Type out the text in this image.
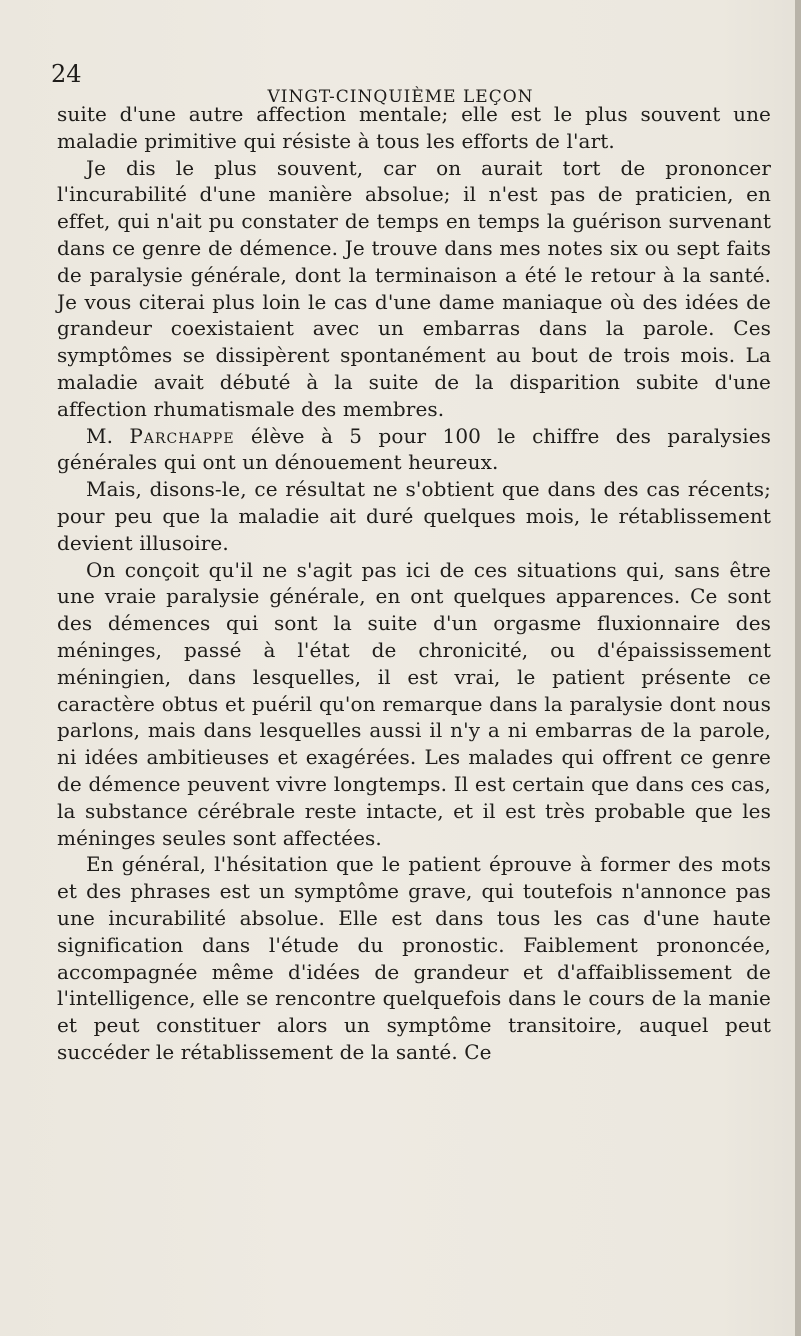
24
VINGT-CINQUIÈME LEÇON

suite d'une autre affection mentale; elle est le plus souvent une maladie primitive qui résiste à tous les efforts de l'art.

Je dis le plus souvent, car on aurait tort de prononcer l'incurabilité d'une manière absolue; il n'est pas de praticien, en effet, qui n'ait pu constater de temps en temps la guérison survenant dans ce genre de démence. Je trouve dans mes notes six ou sept faits de paralysie générale, dont la terminaison a été le retour à la santé. Je vous citerai plus loin le cas d'une dame maniaque où des idées de grandeur coexistaient avec un embarras dans la parole. Ces symptômes se dissipèrent spontanément au bout de trois mois. La maladie avait débuté à la suite de la disparition subite d'une affection rhumatismale des membres.

M. Parchappe élève à 5 pour 100 le chiffre des paralysies générales qui ont un dénouement heureux.

Mais, disons-le, ce résultat ne s'obtient que dans des cas récents; pour peu que la maladie ait duré quelques mois, le rétablissement devient illusoire.

On conçoit qu'il ne s'agit pas ici de ces situations qui, sans être une vraie paralysie générale, en ont quelques apparences. Ce sont des démences qui sont la suite d'un orgasme fluxionnaire des méninges, passé à l'état de chronicité, ou d'épaississement méningien, dans lesquelles, il est vrai, le patient présente ce caractère obtus et puéril qu'on remarque dans la paralysie dont nous parlons, mais dans lesquelles aussi il n'y a ni embarras de la parole, ni idées ambitieuses et exagérées. Les malades qui offrent ce genre de démence peuvent vivre longtemps. Il est certain que dans ces cas, la substance cérébrale reste intacte, et il est très probable que les méninges seules sont affectées.

En général, l'hésitation que le patient éprouve à former des mots et des phrases est un symptôme grave, qui toutefois n'annonce pas une incurabilité absolue. Elle est dans tous les cas d'une haute signification dans l'étude du pronostic. Faiblement prononcée, accompagnée même d'idées de grandeur et d'affaiblissement de l'intelligence, elle se rencontre quelquefois dans le cours de la manie et peut constituer alors un symptôme transitoire, auquel peut succéder le rétablissement de la santé. Ce
